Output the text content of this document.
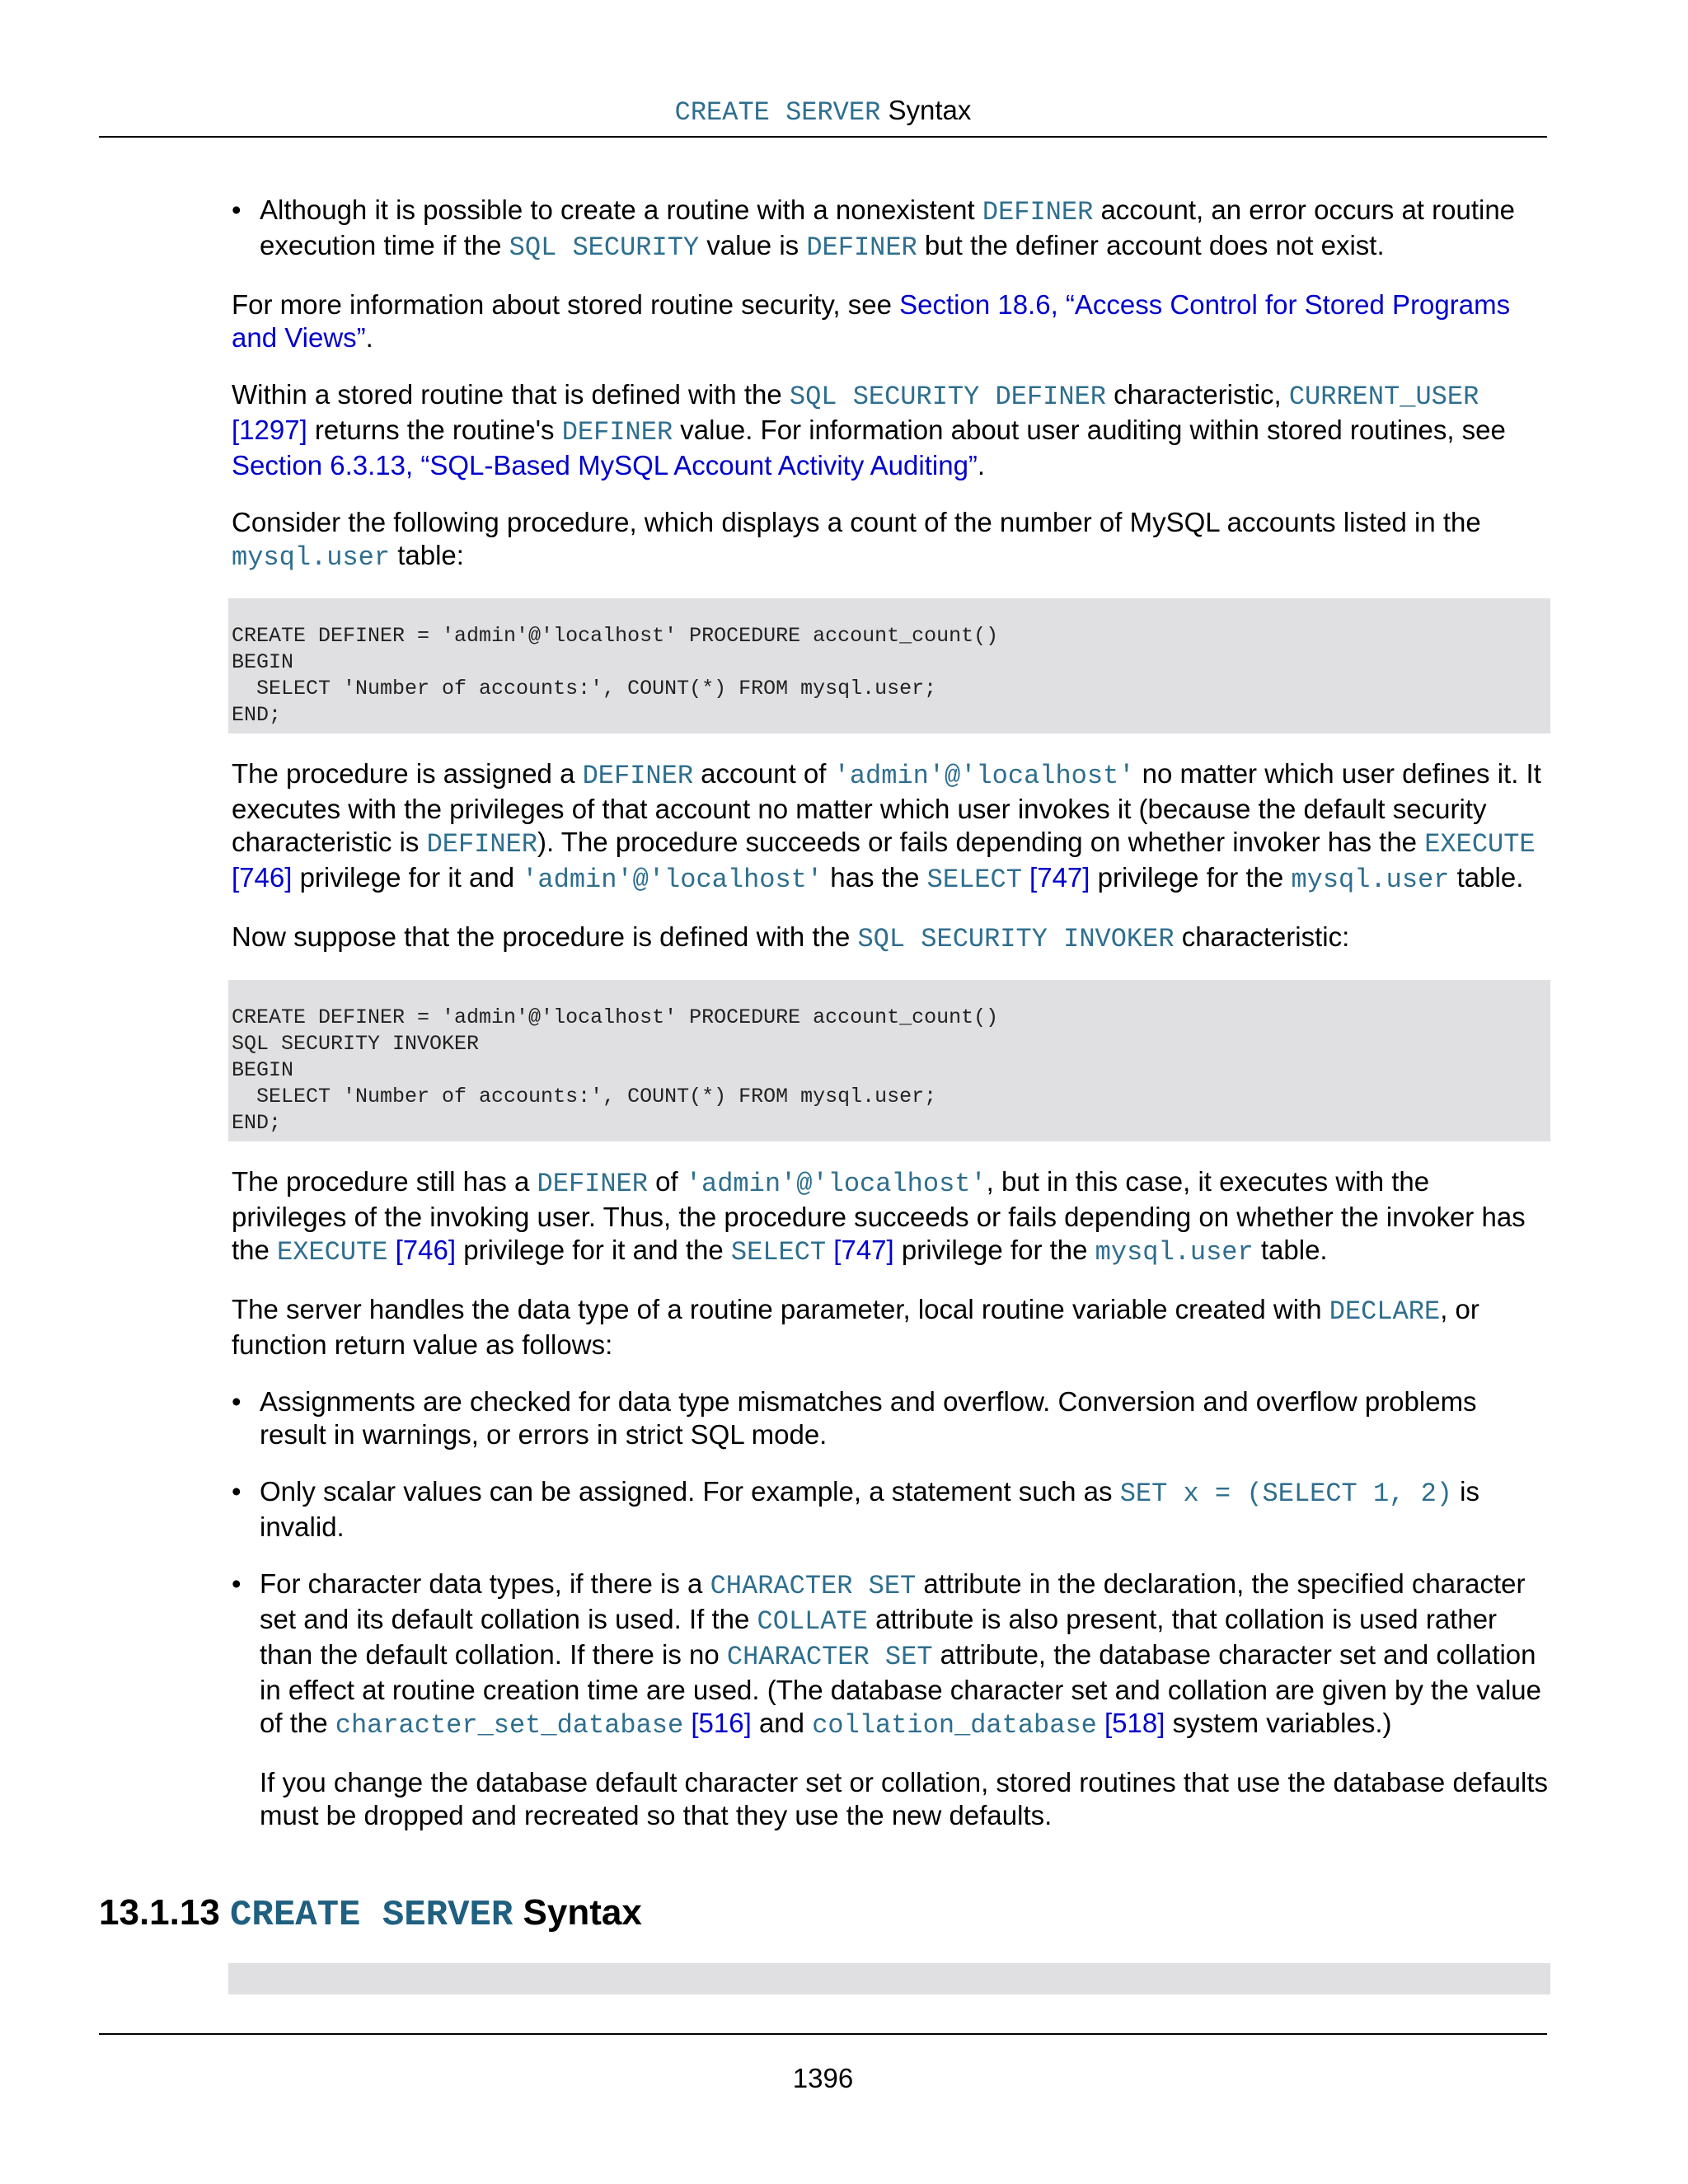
CREATE SERVER Syntax
• Although it is possible to create a routine with a nonexistent DEFINER account, an error occurs at routine execution time if the SQL SECURITY value is DEFINER but the definer account does not exist.

For more information about stored routine security, see Section 18.6, “Access Control for Stored Programs and Views”.

Within a stored routine that is defined with the SQL SECURITY DEFINER characteristic, CURRENT_USER [1297] returns the routine's DEFINER value. For information about user auditing within stored routines, see Section 6.3.13, “SQL-Based MySQL Account Activity Auditing”.

Consider the following procedure, which displays a count of the number of MySQL accounts listed in the mysql.user table:

CREATE DEFINER = 'admin'@'localhost' PROCEDURE account_count()
BEGIN
SELECT 'Number of accounts:', COUNT(*) FROM mysql.user;
END;

The procedure is assigned a DEFINER account of 'admin'@'localhost' no matter which user defines it. It executes with the privileges of that account no matter which user invokes it (because the default security characteristic is DEFINER). The procedure succeeds or fails depending on whether invoker has the EXECUTE [746] privilege for it and 'admin'@'localhost' has the SELECT [747] privilege for the mysql.user table.

Now suppose that the procedure is defined with the SQL SECURITY INVOKER characteristic:

CREATE DEFINER = 'admin'@'localhost' PROCEDURE account_count()
SQL SECURITY INVOKER
BEGIN
SELECT 'Number of accounts:', COUNT(*) FROM mysql.user;
END;

The procedure still has a DEFINER of 'admin'@'localhost', but in this case, it executes with the privileges of the invoking user. Thus, the procedure succeeds or fails depending on whether the invoker has the EXECUTE [746] privilege for it and the SELECT [747] privilege for the mysql.user table.

The server handles the data type of a routine parameter, local routine variable created with DECLARE, or function return value as follows:

• Assignments are checked for data type mismatches and overflow. Conversion and overflow problems result in warnings, or errors in strict SQL mode.
• Only scalar values can be assigned. For example, a statement such as SET x = (SELECT 1, 2) is invalid.
• For character data types, if there is a CHARACTER SET attribute in the declaration, the specified character set and its default collation is used. If the COLLATE attribute is also present, that collation is used rather than the default collation. If there is no CHARACTER SET attribute, the database character set and collation in effect at routine creation time are used. (The database character set and collation are given by the value of the character_set_database [516] and collation_database [518] system variables.)

If you change the database default character set or collation, stored routines that use the database defaults must be dropped and recreated so that they use the new defaults.

13.1.13 CREATE SERVER Syntax
1396
